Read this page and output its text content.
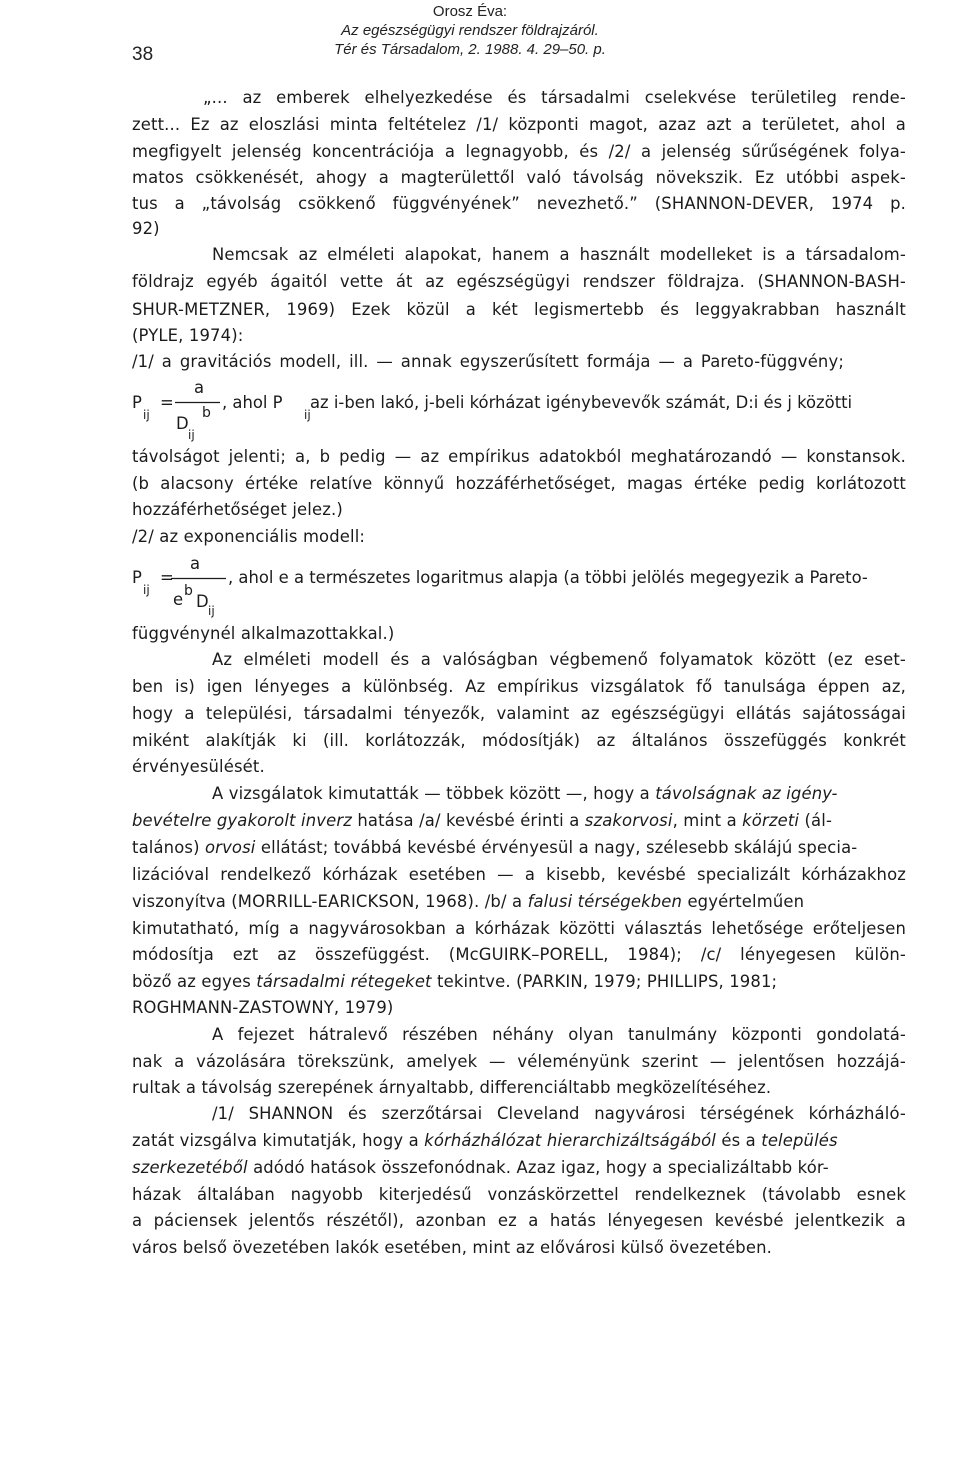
38
Orosz Éva:
Az egészségügyi rendszer földrajzáról.
Tér és Társadalom, 2. 1988. 4. 29–50. p.

„... az emberek elhelyezkedése és társadalmi cselekvése területileg rende-

zett... Ez az eloszlási minta feltételez /1/ központi magot, azaz azt a területet, ahol a

megfigyelt jelenség koncentrációja a legnagyobb, és /2/ a jelenség sűrűségének folya-

matos csökkenését, ahogy a magterülettől való távolság növekszik. Ez utóbbi aspek-

tus a „távolság csökkenő függvényének” nevezhető.” (SHANNON-DEVER, 1974 p.

92)

Nemcsak az elméleti alapokat, hanem a használt modelleket is a társadalom-

földrajz egyéb ágaitól vette át az egészségügyi rendszer földrajza. (SHANNON-BASH-

SHUR-METZNER, 1969) Ezek közül a két legismertebb és leggyakrabban használt

(PYLE, 1974):

/1/ a gravitációs modell, ill. — annak egyszerűsített formája — a Pareto-függvény;

P
ij
=
a
D
b
ij
, ahol P
ij
az i-ben lakó, j-beli kórházat igénybevevők számát, D:i és j közötti

távolságot jelenti; a, b pedig — az empírikus adatokból meghatározandó — konstansok.

(b alacsony értéke relatíve könnyű hozzáférhetőséget, magas értéke pedig korlátozott

hozzáférhetőséget jelez.)

/2/ az exponenciális modell:

P
ij
=
a
e b
D ij
, ahol e a természetes logaritmus alapja (a többi jelölés megegyezik a Pareto-

függvénynél alkalmazottakkal.)

Az elméleti modell és a valóságban végbemenő folyamatok között (ez eset-

ben is) igen lényeges a különbség. Az empírikus vizsgálatok fő tanulsága éppen az,

hogy a települési, társadalmi tényezők, valamint az egészségügyi ellátás sajátosságai

miként alakítják ki (ill. korlátozzák, módosítják) az általános összefüggés konkrét

érvényesülését.

A vizsgálatok kimutatták — többek között —, hogy a távolságnak az igény-

bevételre gyakorolt inverz hatása /a/ kevésbé érinti a szakorvosi, mint a körzeti (ál-

talános) orvosi ellátást; továbbá kevésbé érvényesül a nagy, szélesebb skálájú specia-

lizációval rendelkező kórházak esetében — a kisebb, kevésbé specializált kórházakhoz

viszonyítva (MORRILL-EARICKSON, 1968). /b/ a falusi térségekben egyértelműen

kimutatható, míg a nagyvárosokban a kórházak közötti választás lehetősége erőteljesen

módosítja ezt az összefüggést. (McGUIRK–PORELL, 1984); /c/ lényegesen külön-

böző az egyes társadalmi rétegeket tekintve. (PARKIN, 1979; PHILLIPS, 1981;

ROGHMANN-ZASTOWNY, 1979)

A fejezet hátralevő részében néhány olyan tanulmány központi gondolatá-

nak a vázolására törekszünk, amelyek — véleményünk szerint — jelentősen hozzájá-

rultak a távolság szerepének árnyaltabb, differenciáltabb megközelítéséhez.

/1/ SHANNON és szerzőtársai Cleveland nagyvárosi térségének kórházháló-

zatát vizsgálva kimutatják, hogy a kórházhálózat hierarchizáltságából és a település

szerkezetéből adódó hatások összefonódnak. Azaz igaz, hogy a specializáltabb kór-

házak általában nagyobb kiterjedésű vonzáskörzettel rendelkeznek (távolabb esnek

a páciensek jelentős részétől), azonban ez a hatás lényegesen kevésbé jelentkezik a

város belső övezetében lakók esetében, mint az elővárosi külső övezetében.
